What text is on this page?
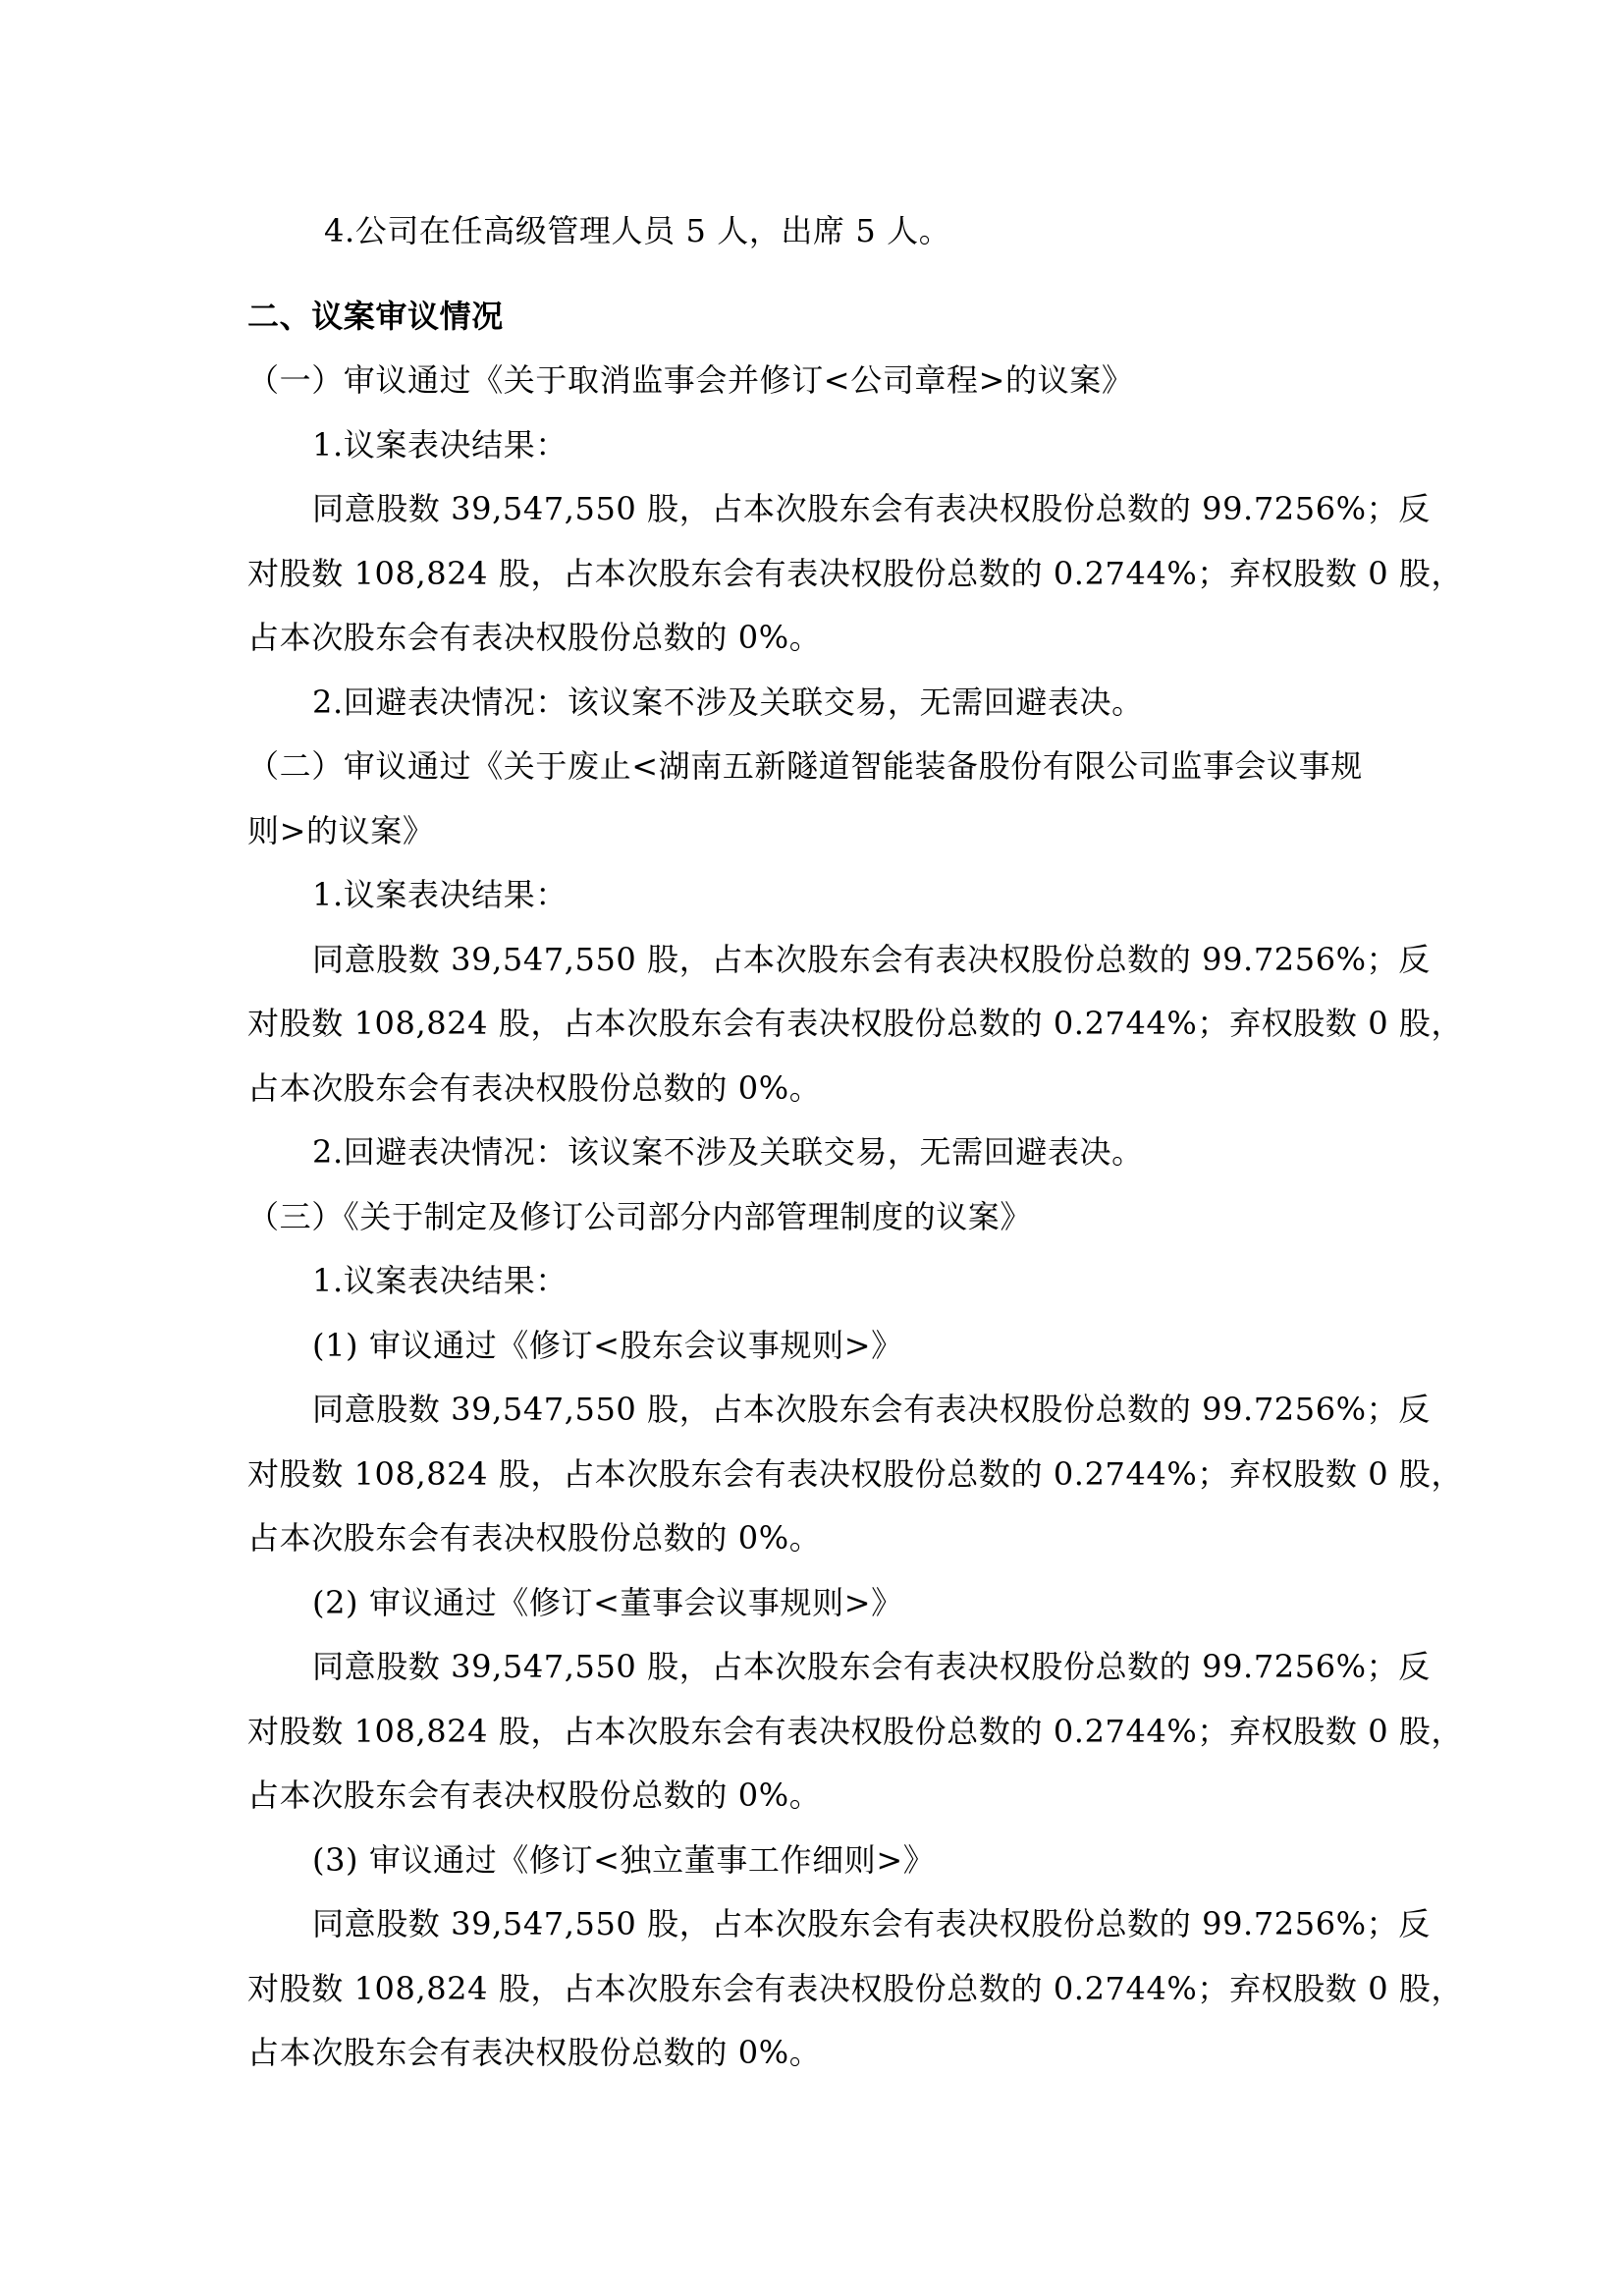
4.公司在任高级管理人员 5 人，出席 5 人。
二、议案审议情况
（一）审议通过《关于取消监事会并修订<公司章程>的议案》
1.议案表决结果：
同意股数 39,547,550 股，占本次股东会有表决权股份总数的 99.7256%；反
对股数 108,824 股，占本次股东会有表决权股份总数的 0.2744%；弃权股数 0 股，
占本次股东会有表决权股份总数的 0%。
2.回避表决情况：该议案不涉及关联交易，无需回避表决。
（二）审议通过《关于废止<湖南五新隧道智能装备股份有限公司监事会议事规
则>的议案》
1.议案表决结果：
同意股数 39,547,550 股，占本次股东会有表决权股份总数的 99.7256%；反
对股数 108,824 股，占本次股东会有表决权股份总数的 0.2744%；弃权股数 0 股，
占本次股东会有表决权股份总数的 0%。
2.回避表决情况：该议案不涉及关联交易，无需回避表决。
（三）《关于制定及修订公司部分内部管理制度的议案》
1.议案表决结果：
(1) 审议通过《修订<股东会议事规则>》
同意股数 39,547,550 股，占本次股东会有表决权股份总数的 99.7256%；反
对股数 108,824 股，占本次股东会有表决权股份总数的 0.2744%；弃权股数 0 股，
占本次股东会有表决权股份总数的 0%。
(2) 审议通过《修订<董事会议事规则>》
同意股数 39,547,550 股，占本次股东会有表决权股份总数的 99.7256%；反
对股数 108,824 股，占本次股东会有表决权股份总数的 0.2744%；弃权股数 0 股，
占本次股东会有表决权股份总数的 0%。
(3) 审议通过《修订<独立董事工作细则>》
同意股数 39,547,550 股，占本次股东会有表决权股份总数的 99.7256%；反
对股数 108,824 股，占本次股东会有表决权股份总数的 0.2744%；弃权股数 0 股，
占本次股东会有表决权股份总数的 0%。
